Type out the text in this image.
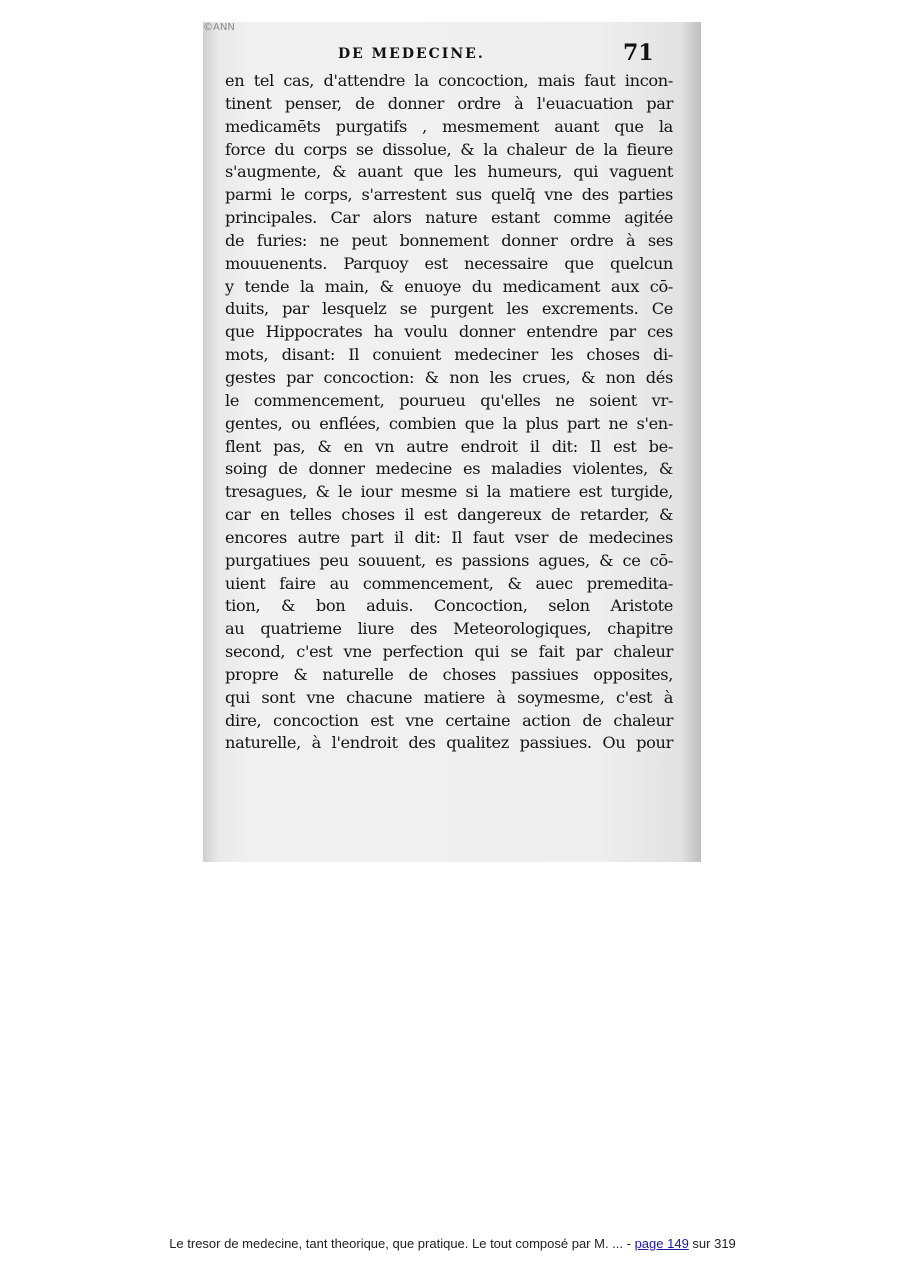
©ANN
DE MEDECINE.	71
en tel cas, d'attendre la concoction, mais faut incon-
tinent penser, de donner ordre à l'euacuation par
medicamēts purgatifs , mesmement auant que la
force du corps se dissolue, & la chaleur de la fieure
s'augmente, & auant que les humeurs, qui vaguent
parmi le corps, s'arrestent sus quelq̄ vne des parties
principales. Car alors nature estant comme agitée
de furies: ne peut bonnement donner ordre à ses
mouuenents. Parquoy est necessaire que quelcun
y tende la main, & enuoye du medicament aux cō-
duits, par lesquelz se purgent les excrements. Ce
que Hippocrates ha voulu donner entendre par ces
mots, disant: Il conuient medeciner les choses di-
gestes par concoction: & non les crues, & non dés
le commencement, pourueu qu'elles ne soient vr-
gentes, ou enflées, combien que la plus part ne s'en-
flent pas, & en vn autre endroit il dit: Il est be-
soing de donner medecine es maladies violentes, &
tresagues, & le iour mesme si la matiere est turgide,
car en telles choses il est dangereux de retarder, &
encores autre part il dit: Il faut vser de medecines
purgatiues peu souuent, es passions agues, & ce cō-
uient faire au commencement, & auec premedita-
tion, & bon aduis. Concoction, selon Aristote
au quatrieme liure des Meteorologiques, chapitre
second, c'est vne perfection qui se fait par chaleur
propre & naturelle de choses passiues opposites,
qui sont vne chacune matiere à soymesme, c'est à
dire, concoction est vne certaine action de chaleur
naturelle, à l'endroit des qualitez passiues. Ou pour
Le tresor de medecine, tant theorique, que pratique. Le tout composé par M. ... - page 149 sur 319
